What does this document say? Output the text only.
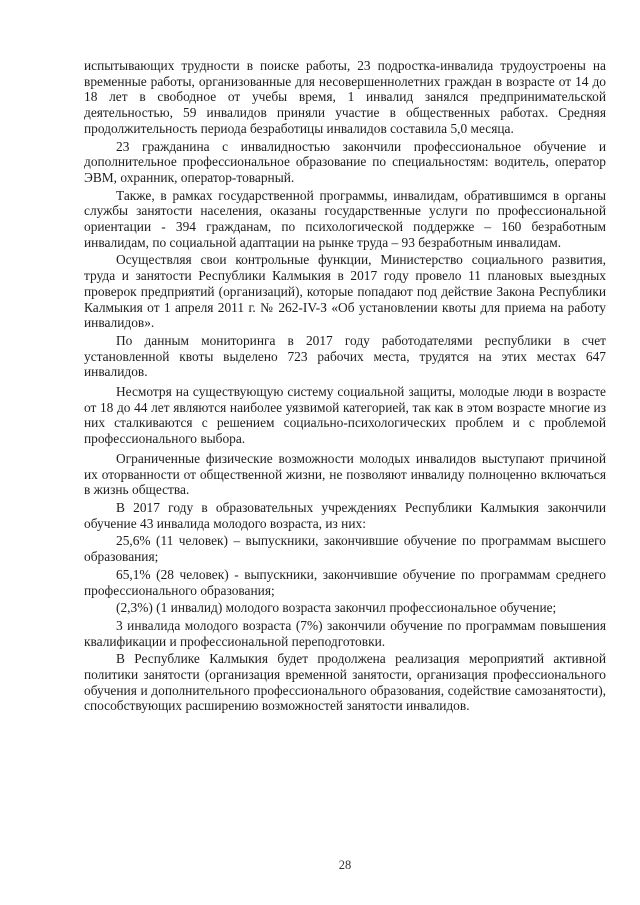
испытывающих трудности в поиске работы, 23 подростка-инвалида трудоустроены на временные работы, организованные для несовершеннолетних граждан в возрасте от 14 до 18 лет в свободное от учебы время, 1 инвалид занялся предпринимательской деятельностью, 59 инвалидов приняли участие в общественных работах. Средняя продолжительность периода безработицы инвалидов составила 5,0 месяца.

23 гражданина с инвалидностью закончили профессиональное обучение и дополнительное профессиональное образование по специальностям: водитель, оператор ЭВМ, охранник, оператор-товарный.

Также, в рамках государственной программы, инвалидам, обратившимся в органы службы занятости населения, оказаны государственные услуги по профессиональной ориентации - 394 гражданам, по психологической поддержке – 160 безработным инвалидам, по социальной адаптации на рынке труда – 93 безработным инвалидам.

Осуществляя свои контрольные функции, Министерство социального развития, труда и занятости Республики Калмыкия в 2017 году провело 11 плановых выездных проверок предприятий (организаций), которые попадают под действие Закона Республики Калмыкия от 1 апреля 2011 г. № 262-IV-З «Об установлении квоты для приема на работу инвалидов».

По данным мониторинга в 2017 году работодателями республики в счет установленной квоты выделено 723 рабочих места, трудятся на этих местах 647 инвалидов.

Несмотря на существующую систему социальной защиты, молодые люди в возрасте от 18 до 44 лет являются наиболее уязвимой категорией, так как в этом возрасте многие из них сталкиваются с решением социально-психологических проблем и с проблемой профессионального выбора.

Ограниченные физические возможности молодых инвалидов выступают причиной их оторванности от общественной жизни, не позволяют инвалиду полноценно включаться в жизнь общества.

В 2017 году в образовательных учреждениях Республики Калмыкия закончили обучение 43 инвалида молодого возраста, из них:

25,6% (11 человек) – выпускники, закончившие обучение по программам высшего образования;

65,1% (28 человек) - выпускники, закончившие обучение по программам среднего профессионального образования;

(2,3%) (1 инвалид) молодого возраста закончил профессиональное обучение;

3 инвалида молодого возраста (7%) закончили обучение по программам повышения квалификации и профессиональной переподготовки.

В Республике Калмыкия будет продолжена реализация мероприятий активной политики занятости (организация временной занятости, организация профессионального обучения и дополнительного профессионального образования, содействие самозанятости), способствующих расширению возможностей занятости инвалидов.

28
